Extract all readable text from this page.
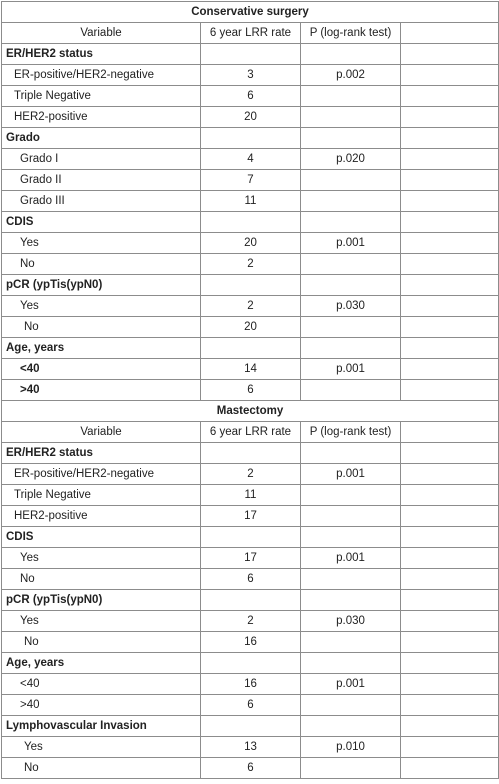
Conservative surgery			
Variable	6 year LRR rate	P (log-rank test)	
ER/HER2 status			
ER-positive/HER2-negative	3	p.002	
Triple Negative	6		
HER2-positive	20		
Grado			
Grado I	4	p.020	
Grado II	7		
Grado III	11		
CDIS			
Yes	20	p.001	
No	2		
pCR (ypTis(ypN0)			
Yes	2	p.030	
No	20		
Age, years			
<40	14	p.001	
>40	6		
Mastectomy			
Variable	6 year LRR rate	P (log-rank test)	
ER/HER2 status			
ER-positive/HER2-negative	2	p.001	
Triple Negative	11		
HER2-positive	17		
CDIS			
Yes	17	p.001	
No	6		
pCR (ypTis(ypN0)			
Yes	2	p.030	
No	16		
Age, years			
<40	16	p.001	
>40	6		
Lymphovascular Invasion			
Yes	13	p.010	
No	6		
